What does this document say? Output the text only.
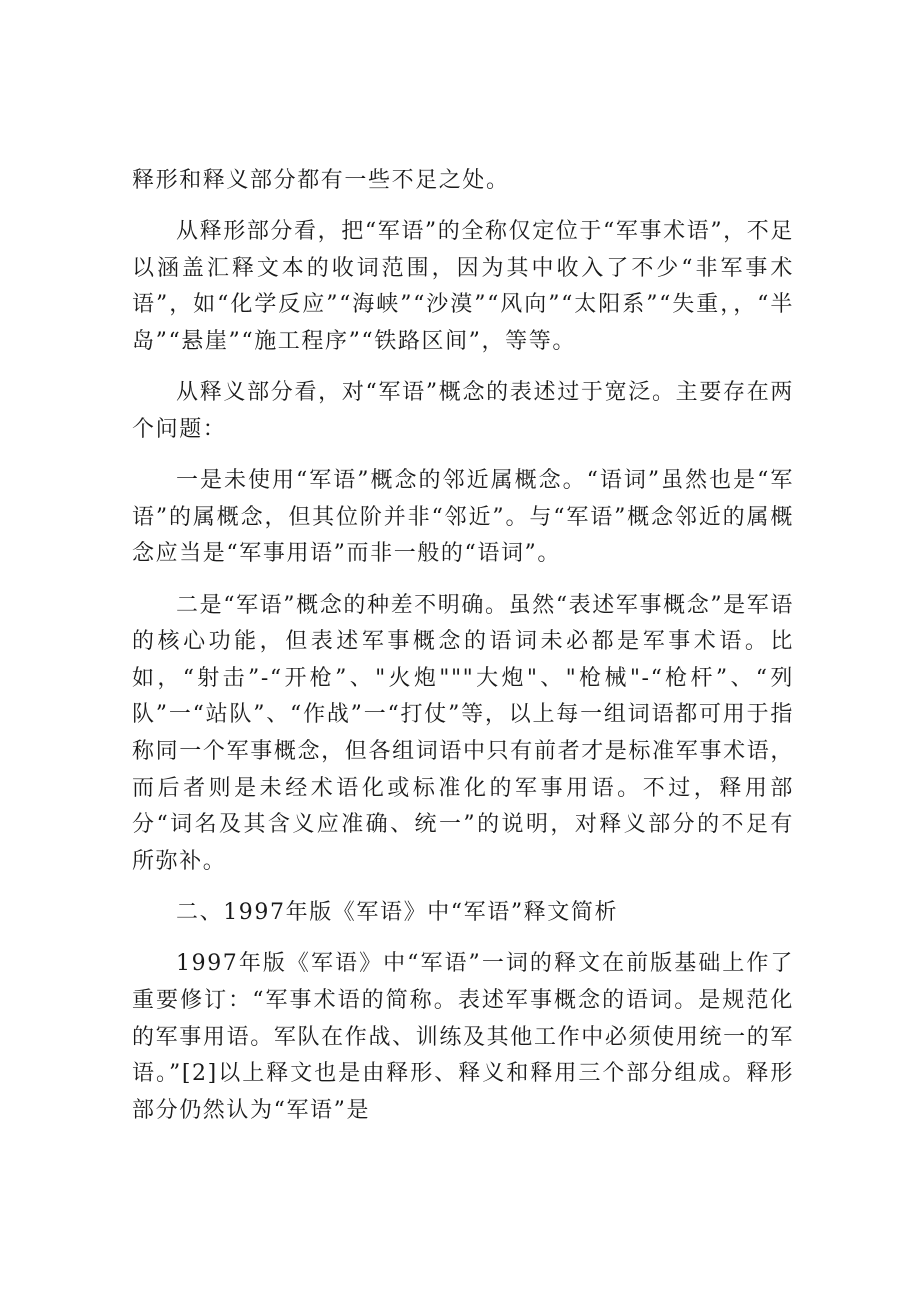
释形和释义部分都有一些不足之处。

从释形部分看，把“军语”的全称仅定位于“军事术语”，不足以涵盖汇释文本的收词范围，因为其中收入了不少“非军事术语”，如“化学反应”“海峡”“沙漠”“风向”“太阳系”“失重，，“半岛”“悬崖”“施工程序”“铁路区间”，等等。

从释义部分看，对“军语”概念的表述过于宽泛。主要存在两个问题：

一是未使用“军语”概念的邻近属概念。“语词”虽然也是“军语”的属概念，但其位阶并非“邻近”。与“军语”概念邻近的属概念应当是“军事用语”而非一般的“语词”。

二是“军语”概念的种差不明确。虽然“表述军事概念”是军语的核心功能，但表述军事概念的语词未必都是军事术语。比如，“射击”-“开枪”、"火炮"""大炮"、"枪械"-“枪杆”、“列队”一“站队”、“作战”一“打仗”等，以上每一组词语都可用于指称同一个军事概念，但各组词语中只有前者才是标准军事术语，而后者则是未经术语化或标准化的军事用语。不过，释用部分“词名及其含义应准确、统一”的说明，对释义部分的不足有所弥补。

二、1997年版《军语》中“军语”释文简析

1997年版《军语》中“军语”一词的释文在前版基础上作了重要修订：“军事术语的简称。表述军事概念的语词。是规范化的军事用语。军队在作战、训练及其他工作中必须使用统一的军语。”[2]以上释文也是由释形、释义和释用三个部分组成。释形部分仍然认为“军语”是
